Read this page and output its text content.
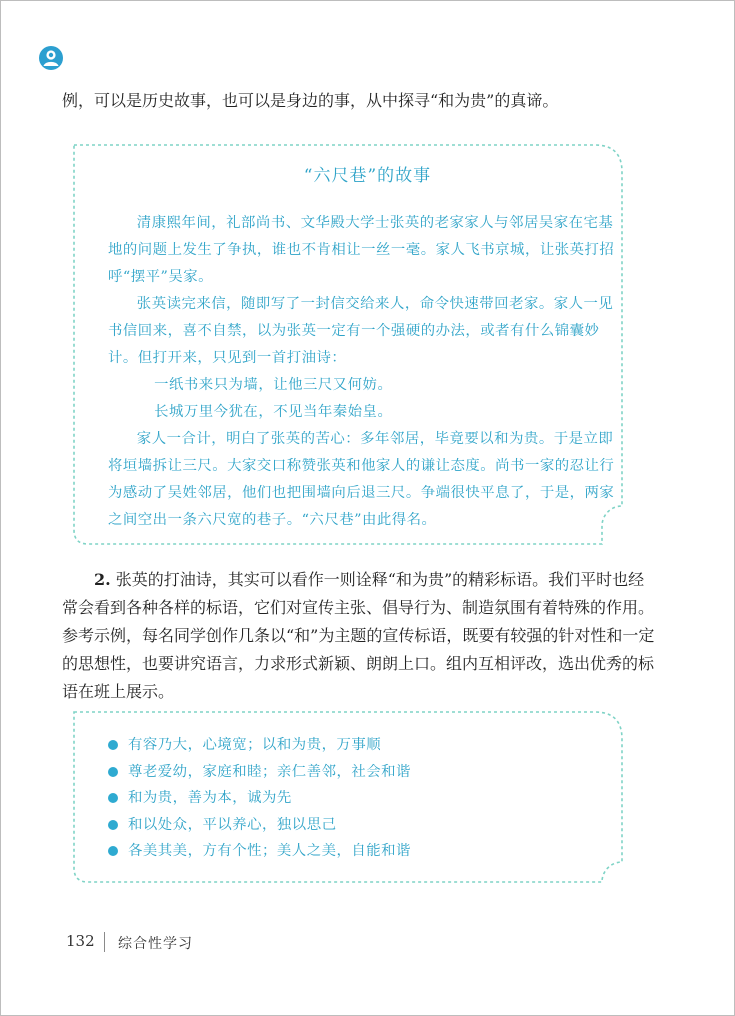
例，可以是历史故事，也可以是身边的事，从中探寻“和为贵”的真谛。
“六尺巷”的故事

清康熙年间，礼部尚书、文华殿大学士张英的老家家人与邻居吴家在宅基地的问题上发生了争执，谁也不肯相让一丝一毫。家人飞书京城，让张英打招呼“摆平”吴家。

张英读完来信，随即写了一封信交给来人，命令快速带回老家。家人一见书信回来，喜不自禁，以为张英一定有一个强硬的办法，或者有什么锦囊妙计。但打开来，只见到一首打油诗：

一纸书来只为墙，让他三尺又何妨。

长城万里今犹在，不见当年秦始皇。

家人一合计，明白了张英的苦心：多年邻居，毕竟要以和为贵。于是立即将垣墙拆让三尺。大家交口称赞张英和他家人的谦让态度。尚书一家的忍让行为感动了吴姓邻居，他们也把围墙向后退三尺。争端很快平息了，于是，两家之间空出一条六尺宽的巷子。“六尺巷”由此得名。

2. 张英的打油诗，其实可以看作一则诠释“和为贵”的精彩标语。我们平时也经常会看到各种各样的标语，它们对宣传主张、倡导行为、制造氛围有着特殊的作用。参考示例，每名同学创作几条以“和”为主题的宣传标语，既要有较强的针对性和一定的思想性，也要讲究语言，力求形式新颖、朗朗上口。组内互相评改，选出优秀的标语在班上展示。
有容乃大，心境宽；以和为贵，万事顺
尊老爱幼，家庭和睦；亲仁善邻，社会和谐
和为贵，善为本，诚为先
和以处众，平以养心，独以思己
各美其美，方有个性；美人之美，自能和谐
132 综合性学习
